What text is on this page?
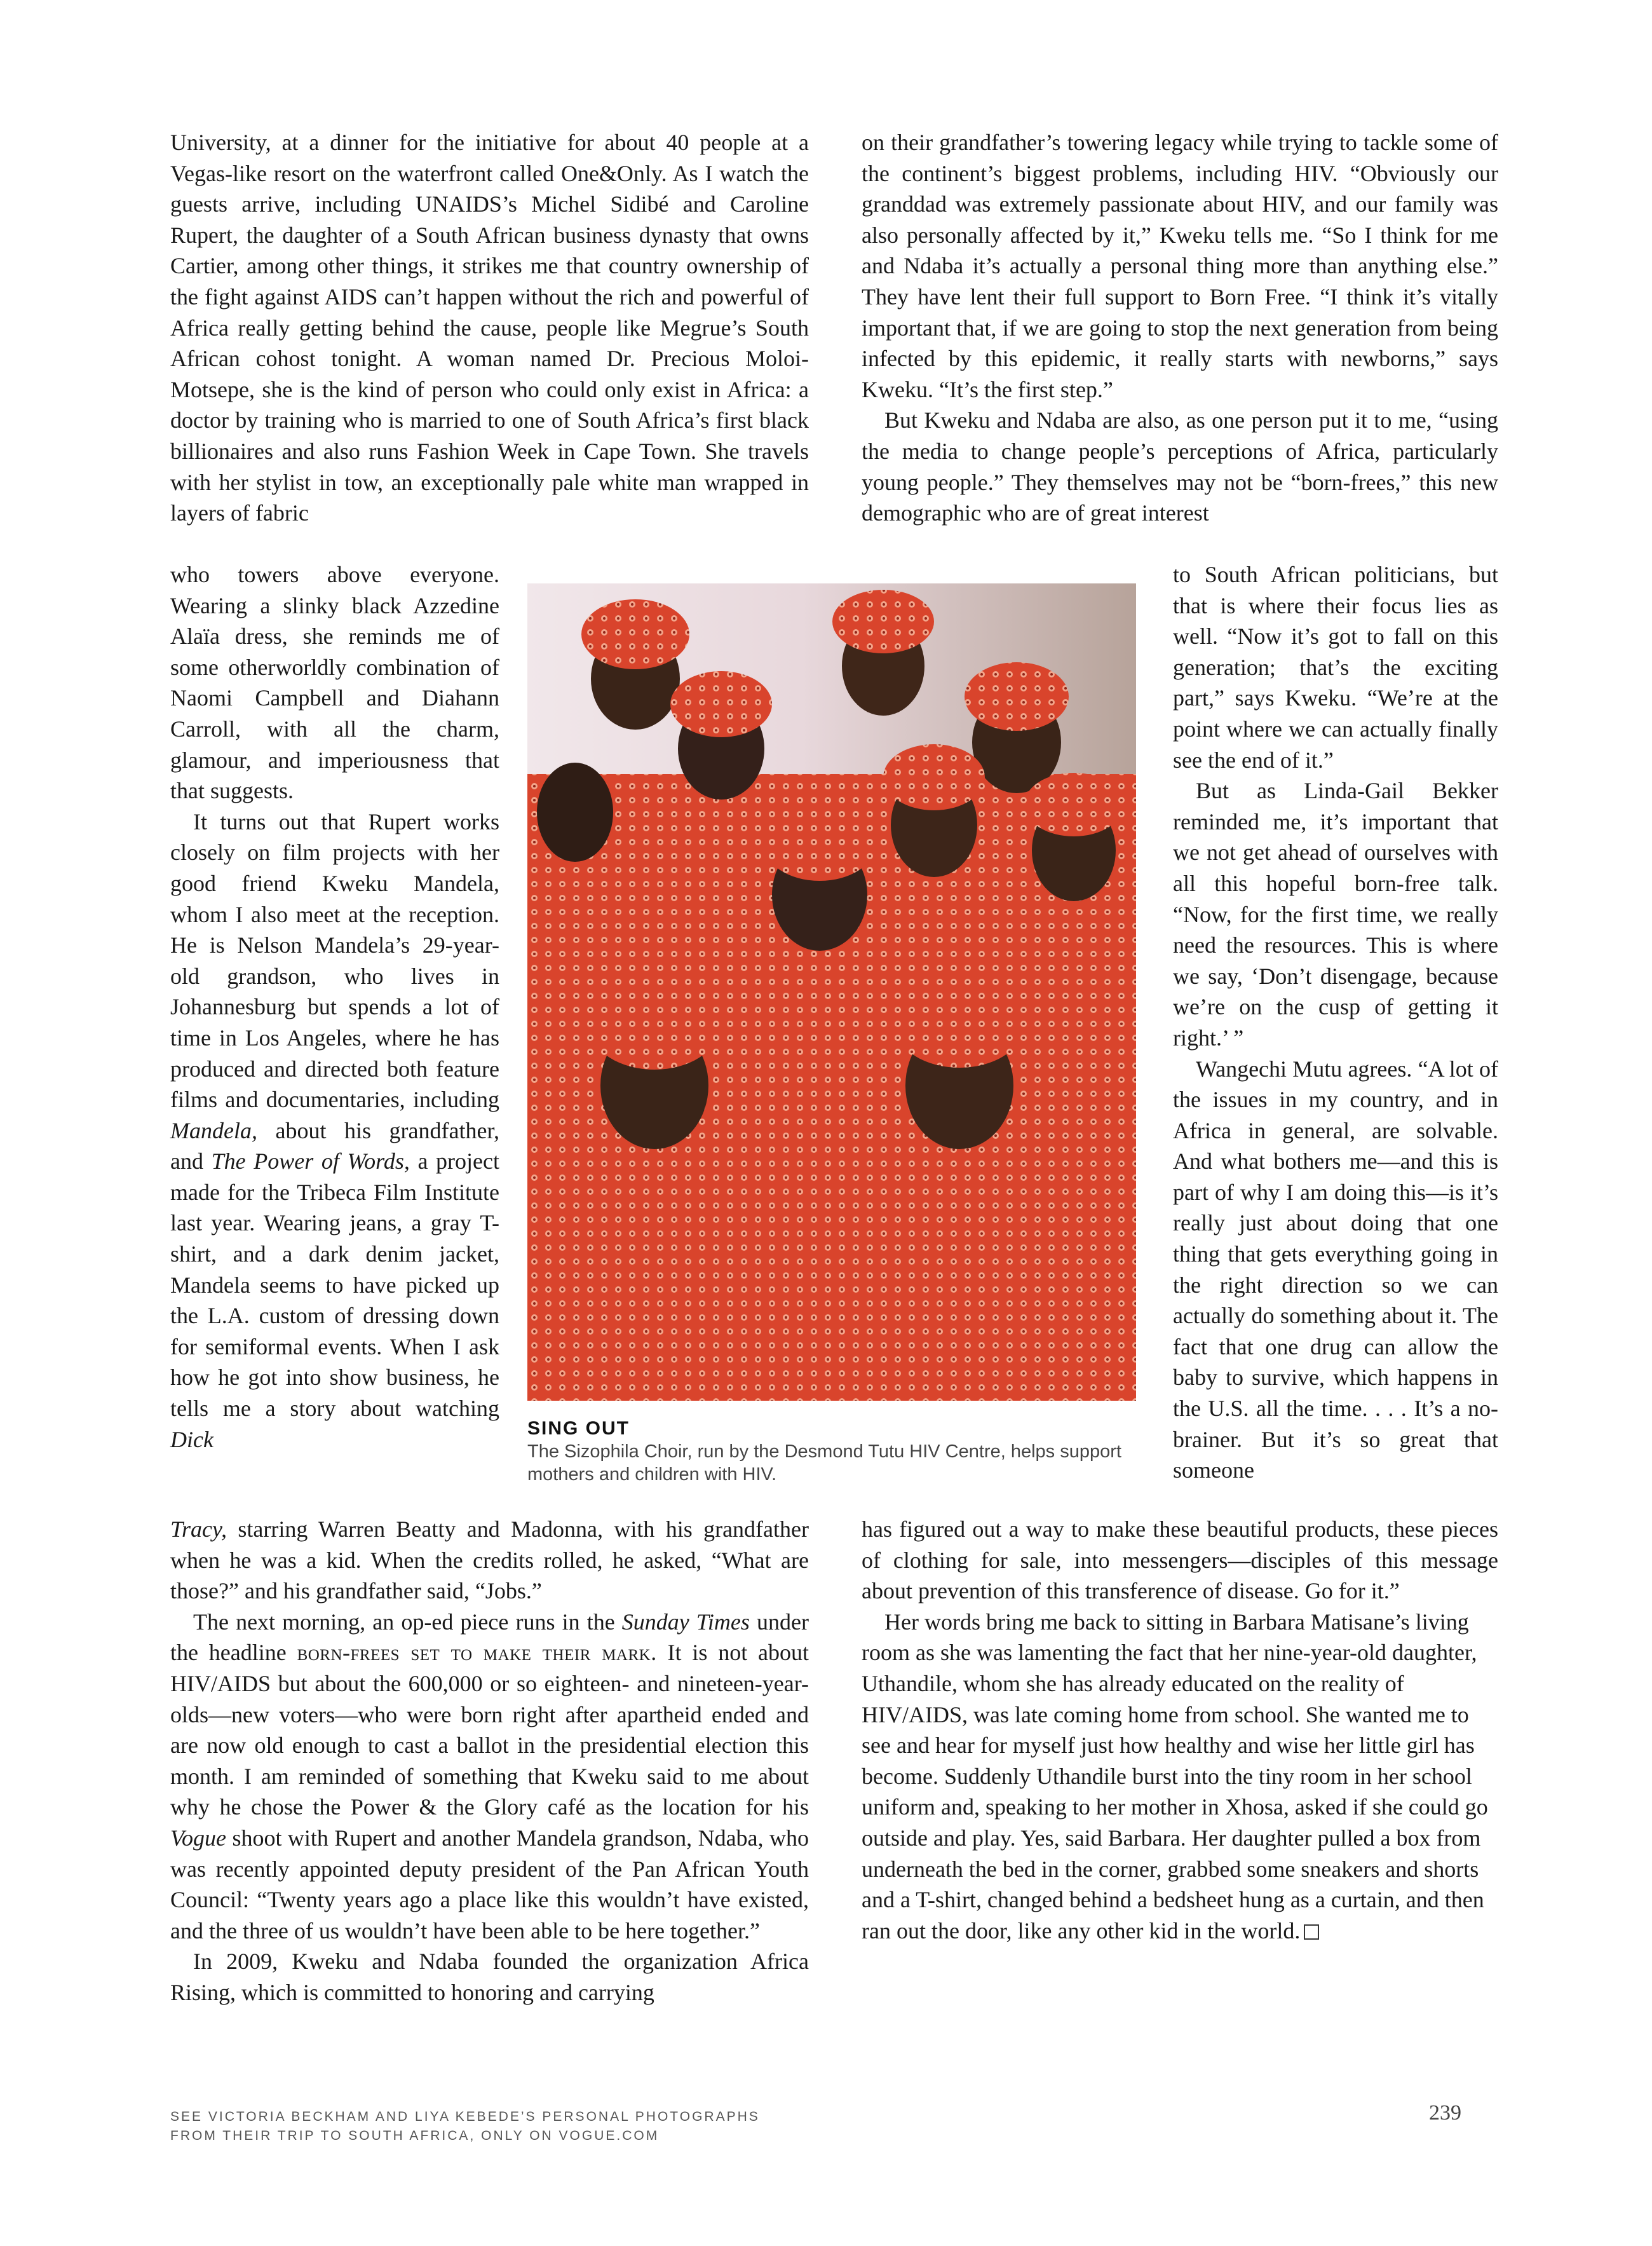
University, at a dinner for the initiative for about 40 people at a Vegas-like resort on the waterfront called One&Only. As I watch the guests arrive, including UNAIDS’s Michel Sidibé and Caroline Rupert, the daughter of a South African business dynasty that owns Cartier, among other things, it strikes me that country ownership of the fight against AIDS can’t happen without the rich and powerful of Africa really getting behind the cause, people like Megrue’s South African cohost tonight. A woman named Dr. Precious Moloi-Motsepe, she is the kind of person who could only exist in Africa: a doctor by training who is married to one of South Africa’s first black billionaires and also runs Fashion Week in Cape Town. She travels with her stylist in tow, an exceptionally pale white man wrapped in layers of fabric

who towers above everyone. Wearing a slinky black Azzedine Alaïa dress, she reminds me of some otherworldly combination of Naomi Campbell and Diahann Carroll, with all the charm, glamour, and imperiousness that that suggests.

It turns out that Rupert works closely on film projects with her good friend Kweku Mandela, whom I also meet at the reception. He is Nelson Mandela’s 29-year-old grandson, who lives in Johannesburg but spends a lot of time in Los Angeles, where he has produced and directed both feature films and documentaries, including Mandela, about his grandfather, and The Power of Words, a project made for the Tribeca Film Institute last year. Wearing jeans, a gray T-shirt, and a dark denim jacket, Mandela seems to have picked up the L.A. custom of dressing down for semiformal events. When I ask how he got into show business, he tells me a story about watching Dick

Tracy, starring Warren Beatty and Madonna, with his grandfather when he was a kid. When the credits rolled, he asked, “What are those?” and his grandfather said, “Jobs.”

The next morning, an op-ed piece runs in the Sunday Times under the headline born-frees set to make their mark. It is not about HIV/AIDS but about the 600,000 or so eighteen- and nineteen-year-olds—new voters—who were born right after apartheid ended and are now old enough to cast a ballot in the presidential election this month. I am reminded of something that Kweku said to me about why he chose the Power & the Glory café as the location for his Vogue shoot with Rupert and another Mandela grandson, Ndaba, who was recently appointed deputy president of the Pan African Youth Council: “Twenty years ago a place like this wouldn’t have existed, and the three of us wouldn’t have been able to be here together.”

In 2009, Kweku and Ndaba founded the organization Africa Rising, which is committed to honoring and carrying

on their grandfather’s towering legacy while trying to tackle some of the continent’s biggest problems, including HIV. “Obviously our granddad was extremely passionate about HIV, and our family was also personally affected by it,” Kweku tells me. “So I think for me and Ndaba it’s actually a personal thing more than anything else.” They have lent their full support to Born Free. “I think it’s vitally important that, if we are going to stop the next generation from being infected by this epidemic, it really starts with newborns,” says Kweku. “It’s the first step.”

But Kweku and Ndaba are also, as one person put it to me, “using the media to change people’s perceptions of Africa, particularly young people.” They themselves may not be “born-frees,” this new demographic who are of great interest

to South African politicians, but that is where their focus lies as well. “Now it’s got to fall on this generation; that’s the exciting part,” says Kweku. “We’re at the point where we can actually finally see the end of it.”

But as Linda-Gail Bekker reminded me, it’s important that we not get ahead of ourselves with all this hopeful born-free talk. “Now, for the first time, we really need the resources. This is where we say, ‘Don’t disengage, because we’re on the cusp of getting it right.’ ”

Wangechi Mutu agrees. “A lot of the issues in my country, and in Africa in general, are solvable. And what bothers me—and this is part of why I am doing this—is it’s really just about doing that one thing that gets everything going in the right direction so we can actually do something about it. The fact that one drug can allow the baby to survive, which happens in the U.S. all the time. . . . It’s a no-brainer. But it’s so great that someone

has figured out a way to make these beautiful products, these pieces of clothing for sale, into messengers—disciples of this message about prevention of this transference of disease. Go for it.”

Her words bring me back to sitting in Barbara Matisane’s living room as she was lamenting the fact that her nine-year-old daughter, Uthandile, whom she has already educated on the reality of HIV/AIDS, was late coming home from school. She wanted me to see and hear for myself just how healthy and wise her little girl has become. Suddenly Uthandile burst into the tiny room in her school uniform and, speaking to her mother in Xhosa, asked if she could go outside and play. Yes, said Barbara. Her daughter pulled a box from underneath the bed in the corner, grabbed some sneakers and shorts and a T-shirt, changed behind a bedsheet hung as a curtain, and then ran out the door, like any other kid in the world.

SING OUT
The Sizophila Choir, run by the Desmond Tutu HIV Centre, helps support mothers and children with HIV.
SEE VICTORIA BECKHAM AND LIYA KEBEDE’S PERSONAL PHOTOGRAPHS
FROM THEIR TRIP TO SOUTH AFRICA, ONLY ON VOGUE.COM
239
